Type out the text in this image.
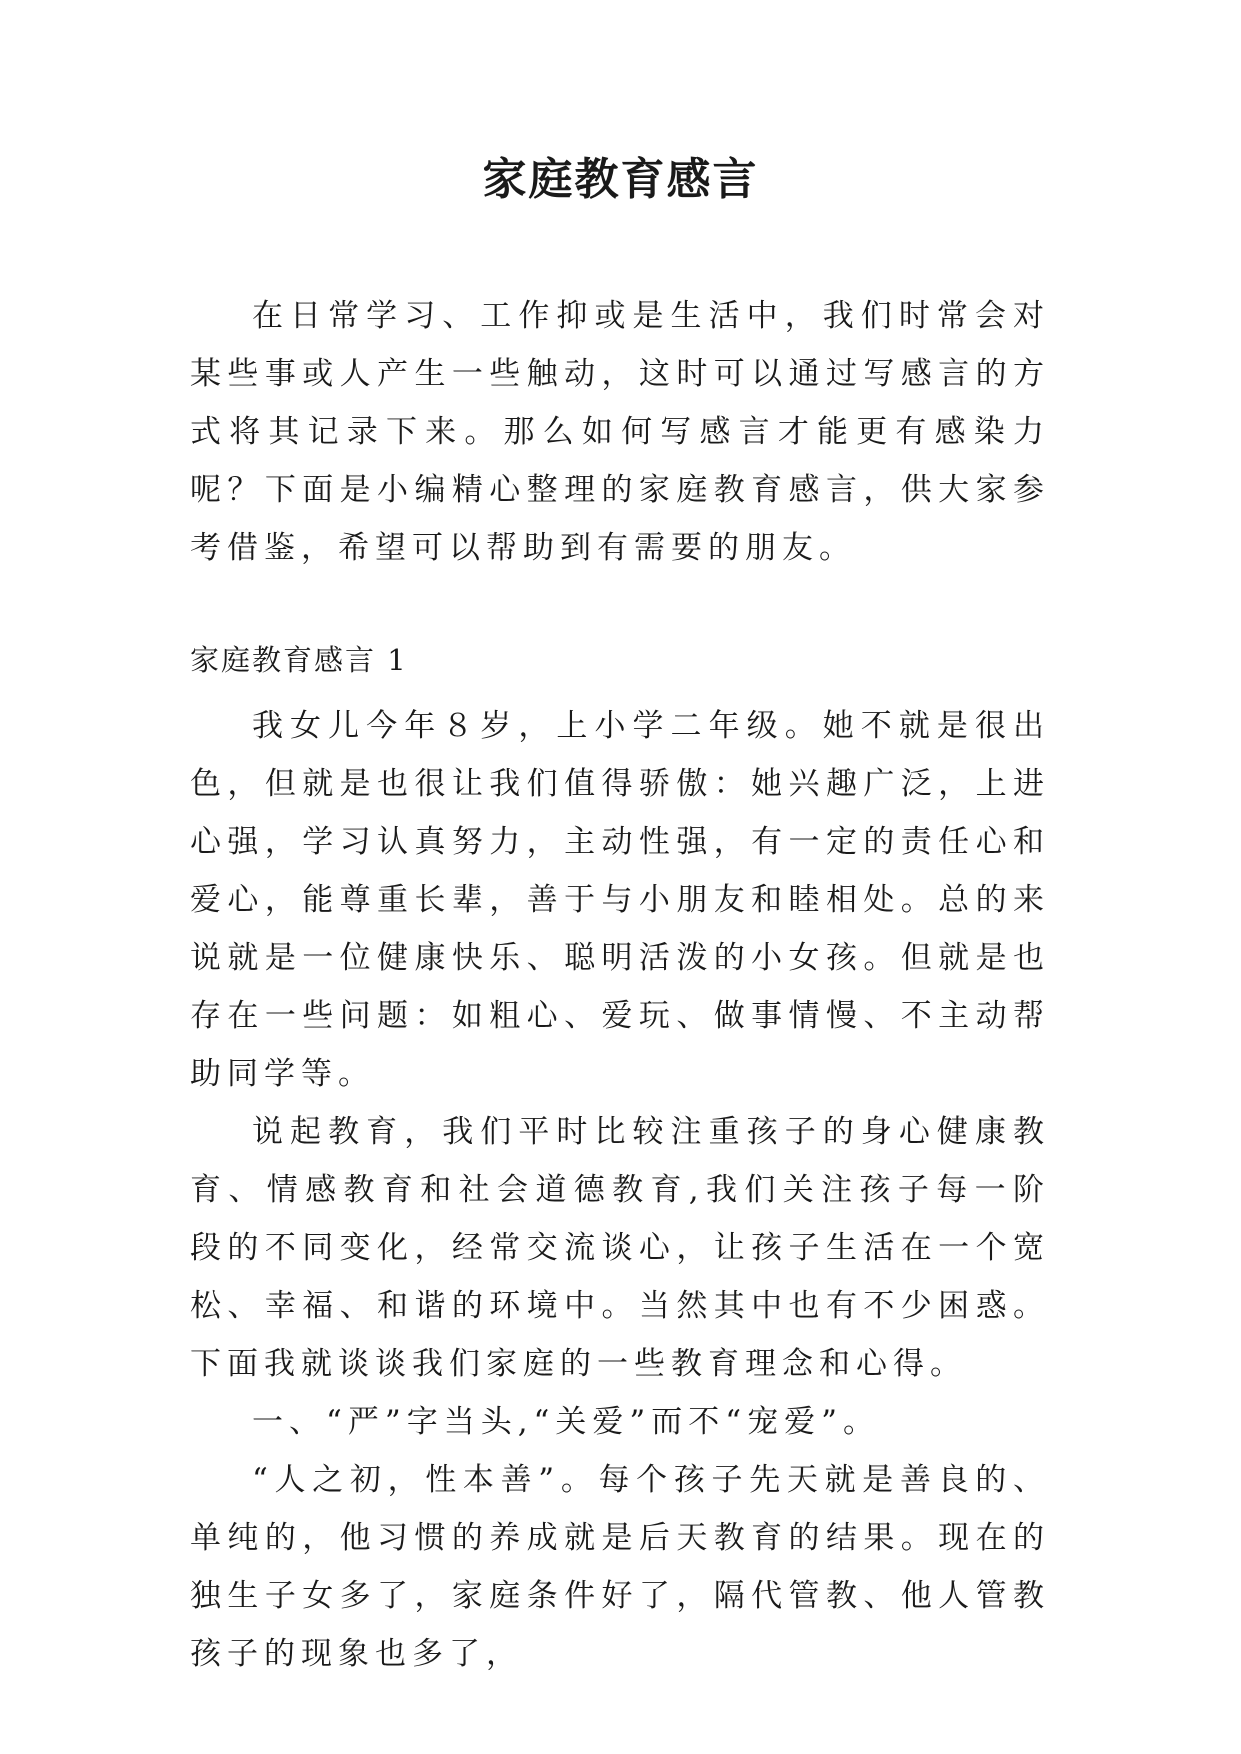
家庭教育感言

在日常学习、工作抑或是生活中，我们时常会对某些事或人产生一些触动，这时可以通过写感言的方式将其记录下来。那么如何写感言才能更有感染力呢？下面是小编精心整理的家庭教育感言，供大家参考借鉴，希望可以帮助到有需要的朋友。

家庭教育感言 1

我女儿今年８岁，上小学二年级。她不就是很出色，但就是也很让我们值得骄傲：她兴趣广泛，上进心强，学习认真努力，主动性强，有一定的责任心和爱心，能尊重长辈，善于与小朋友和睦相处。总的来说就是一位健康快乐、聪明活泼的小女孩。但就是也存在一些问题：如粗心、爱玩、做事情慢、不主动帮助同学等。

说起教育，我们平时比较注重孩子的身心健康教育、情感教育和社会道德教育,我们关注孩子每一阶段的不同变化，经常交流谈心，让孩子生活在一个宽松、幸福、和谐的环境中。当然其中也有不少困惑。下面我就谈谈我们家庭的一些教育理念和心得。

一、“严”字当头,“关爱”而不“宠爱”。

“人之初，性本善”。每个孩子先天就是善良的、单纯的，他习惯的养成就是后天教育的结果。现在的独生子女多了，家庭条件好了，隔代管教、他人管教孩子的现象也多了，
